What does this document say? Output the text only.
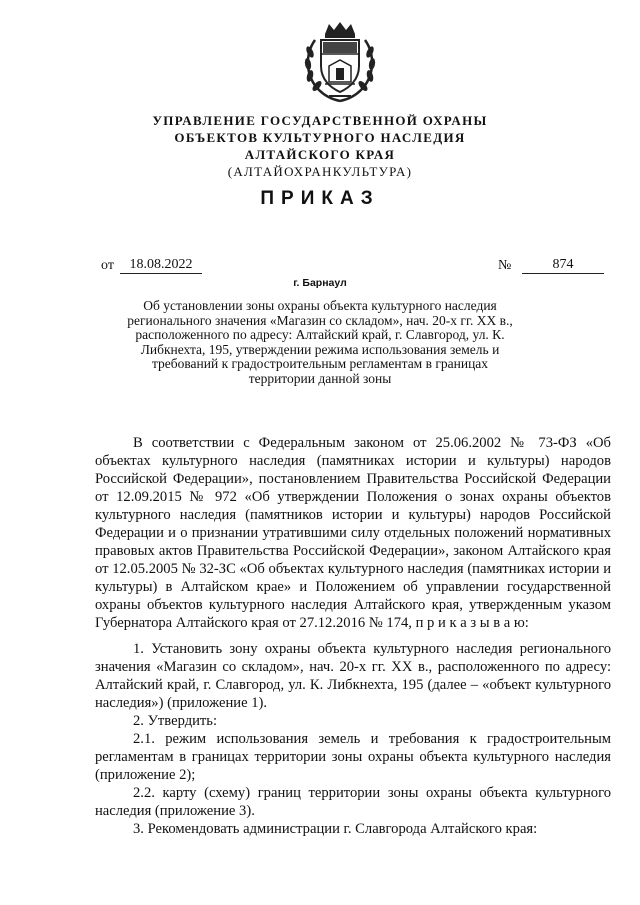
УПРАВЛЕНИЕ ГОСУДАРСТВЕННОЙ ОХРАНЫ
ОБЪЕКТОВ КУЛЬТУРНОГО НАСЛЕДИЯ
АЛТАЙСКОГО КРАЯ
(АЛТАЙОХРАНКУЛЬТУРА)
ПРИКАЗ
от	18.08.2022	№	874
г. Барнаул
Об установлении зоны охраны объекта культурного наследия регионального значения «Магазин со складом», нач. 20-х гг. XX в., расположенного по адресу: Алтайский край, г. Славгород, ул. К. Либкнехта, 195, утверждении режима использования земель и требований к градостроительным регламентам в границах территории данной зоны

В соответствии с Федеральным законом от 25.06.2002 № 73-ФЗ «Об объектах культурного наследия (памятниках истории и культуры) народов Российской Федерации», постановлением Правительства Российской Федерации от 12.09.2015 № 972 «Об утверждении Положения о зонах охраны объектов культурного наследия (памятников истории и культуры) народов Российской Федерации и о признании утратившими силу отдельных положений нормативных правовых актов Правительства Российской Федерации», законом Алтайского края от 12.05.2005 № 32-ЗС «Об объектах культурного наследия (памятниках истории и культуры) в Алтайском крае» и Положением об управлении государственной охраны объектов культурного наследия Алтайского края, утвержденным указом Губернатора Алтайского края от 27.12.2016 № 174, п р и к а з ы в а ю:

1. Установить зону охраны объекта культурного наследия регионального значения «Магазин со складом», нач. 20-х гг. XX в., расположенного по адресу: Алтайский край, г. Славгород, ул. К. Либкнехта, 195 (далее – «объект культурного наследия») (приложение 1).

2. Утвердить:

2.1. режим использования земель и требования к градостроительным регламентам в границах территории зоны охраны объекта культурного наследия (приложение 2);

2.2. карту (схему) границ территории зоны охраны объекта культурного наследия (приложение 3).

3. Рекомендовать администрации г. Славгорода Алтайского края:
